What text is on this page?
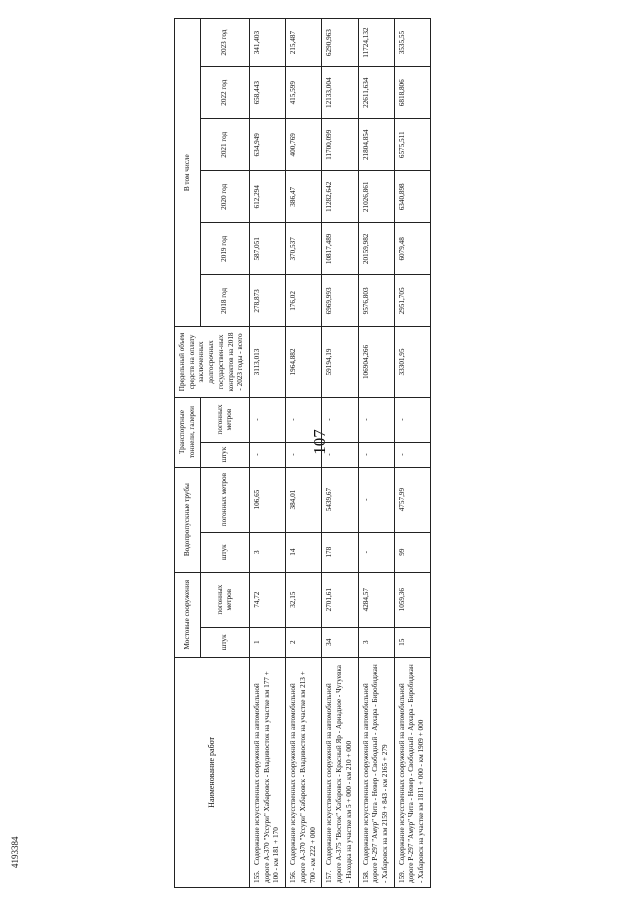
107
4193384
Наименование работ	Мостовые сооружения		Водопропускные трубы		Транспортные тоннели, галереи		Предельный объем средств на оплату заключенных долгосрочных государствен-ных контрактов на 2018 - 2023 годы - всего	В том числе					
	штук	погонных метров	штук	погонных метров	штук	погонных метров		2018 год	2019 год	2020 год	2021 год	2022 год	2023 год

155.Содержание искусственных сооружений на автомобильной дороге А-370 "Уссури" Хабаровск - Владивосток на участке км 177 + 100 - км 181 + 170	1	74,72	3	106,65	-	-	3113,013	278,873	587,051	612,294	634,949	658,443	341,403
156.Содержание искусственных сооружений на автомобильной дороге А-370 "Уссури" Хабаровск - Владивосток на участке км 213 + 700 - км 222 + 000	2	32,15	14	384,01	-	-	1964,882	176,02	370,537	386,47	400,769	415,599	215,487
157.Содержание искусственных сооружений на автомобильной дороге А-375 "Восток" Хабаровск - Красный Яр - Ариадное - Чугуевка - Находка на участке км 5 + 000 - км 210 + 000	34	2701,61	178	5439,67	-	-	59194,19	6969,993	10817,489	11282,642	11700,099	12133,004	6290,963
158.Содержание искусственных сооружений на автомобильной дороге Р-297 "Амур" Чита - Невер - Свободный - Архара - Биробиджан - Хабаровск на км 2159 + 843 - км 2165 + 279	3	4284,57	-	-	-	-	106904,266	9576,803	20159,982	21026,861	21804,854	22611,634	11724,132
159.Содержание искусственных сооружений на автомобильной дороге Р-297 "Амур" Чита - Невер - Свободный - Архара - Биробиджан - Хабаровск на участке км 1811 + 000 - км 1909 + 000	15	1059,36	99	4757,99	-	-	33301,95	2951,705	6079,48	6340,898	6575,511	6818,806	3535,55
